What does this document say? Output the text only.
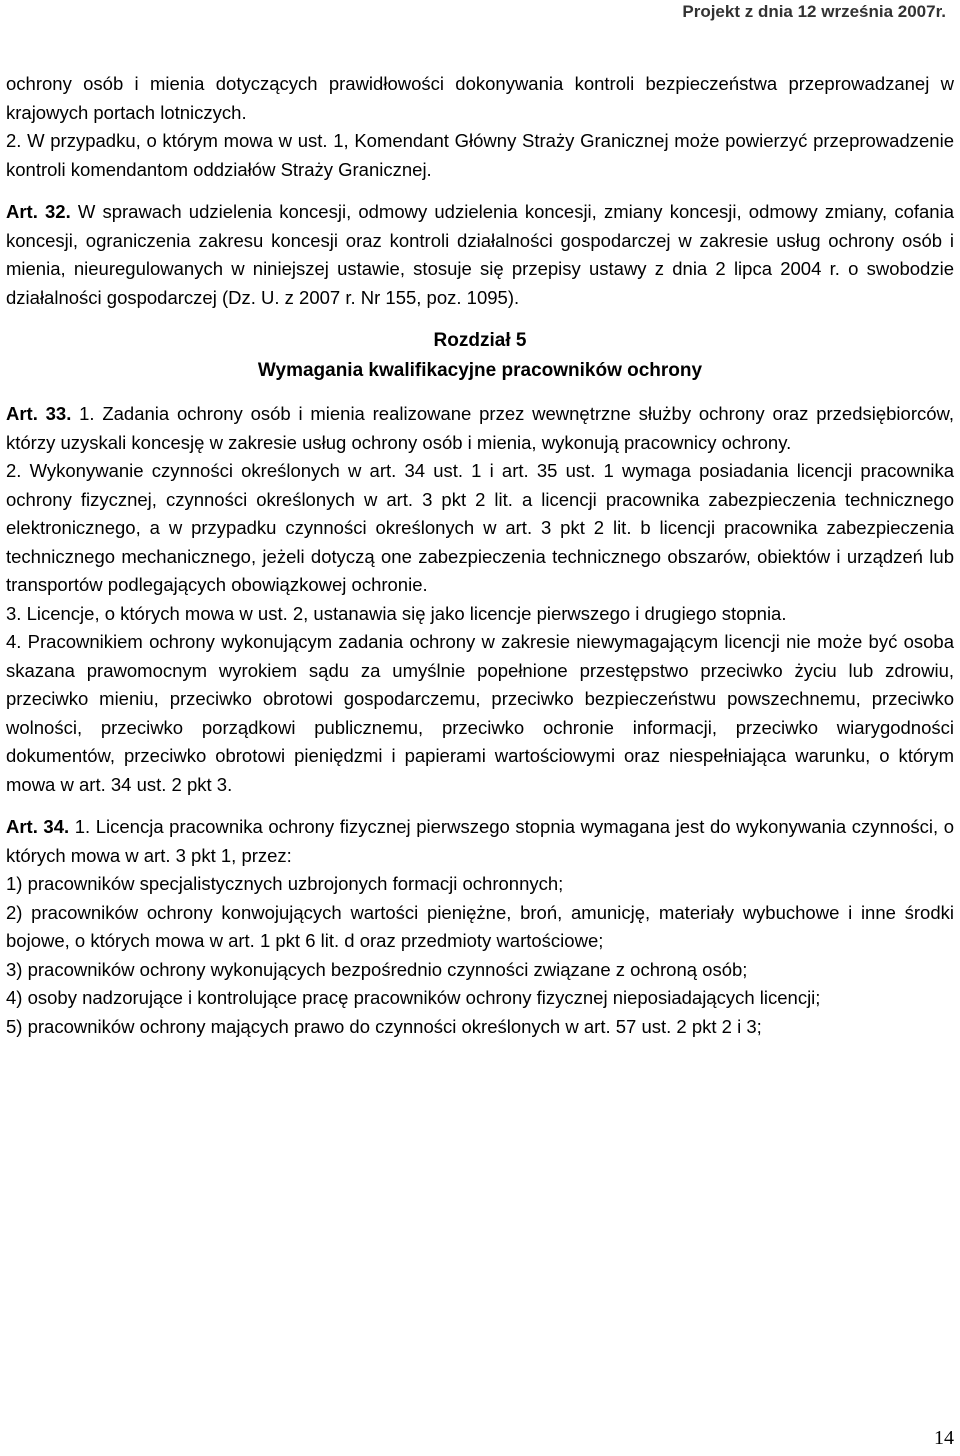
Projekt z dnia 12 września 2007r.

ochrony osób i mienia dotyczących prawidłowości dokonywania kontroli bezpieczeństwa przeprowadzanej w krajowych portach lotniczych.

2. W przypadku, o którym mowa w ust. 1, Komendant Główny Straży Granicznej może powierzyć przeprowadzenie kontroli komendantom oddziałów Straży Granicznej.

Art. 32. W sprawach udzielenia koncesji, odmowy udzielenia koncesji, zmiany koncesji, odmowy zmiany, cofania koncesji, ograniczenia zakresu koncesji oraz kontroli działalności gospodarczej w zakresie usług ochrony osób i mienia, nieuregulowanych w niniejszej ustawie, stosuje się przepisy ustawy z dnia 2 lipca 2004 r. o swobodzie działalności gospodarczej (Dz. U. z 2007 r. Nr 155, poz. 1095).

Rozdział 5

Wymagania kwalifikacyjne pracowników ochrony

Art. 33. 1. Zadania ochrony osób i mienia realizowane przez wewnętrzne służby ochrony oraz przedsiębiorców, którzy uzyskali koncesję w zakresie usług ochrony osób i mienia, wykonują pracownicy ochrony.

2. Wykonywanie czynności określonych w art. 34 ust. 1 i art. 35 ust. 1 wymaga posiadania licencji pracownika ochrony fizycznej, czynności określonych w art. 3 pkt 2 lit. a licencji pracownika zabezpieczenia technicznego elektronicznego, a w przypadku czynności określonych w art. 3 pkt 2 lit. b licencji pracownika zabezpieczenia technicznego mechanicznego, jeżeli dotyczą one zabezpieczenia technicznego obszarów, obiektów i urządzeń lub transportów podlegających obowiązkowej ochronie.

3. Licencje, o których mowa w ust. 2, ustanawia się jako licencje pierwszego i drugiego stopnia.

4. Pracownikiem ochrony wykonującym zadania ochrony w zakresie niewymagającym licencji nie może być osoba skazana prawomocnym wyrokiem sądu za umyślnie popełnione przestępstwo przeciwko życiu lub zdrowiu, przeciwko mieniu, przeciwko obrotowi gospodarczemu, przeciwko bezpieczeństwu powszechnemu, przeciwko wolności, przeciwko porządkowi publicznemu, przeciwko ochronie informacji, przeciwko wiarygodności dokumentów, przeciwko obrotowi pieniędzmi i papierami wartościowymi oraz niespełniająca warunku, o którym mowa w art. 34 ust. 2 pkt 3.

Art. 34. 1. Licencja pracownika ochrony fizycznej pierwszego stopnia wymagana jest do wykonywania czynności, o których mowa w art. 3 pkt 1, przez:

1) pracowników specjalistycznych uzbrojonych formacji ochronnych;

2) pracowników ochrony konwojujących wartości pieniężne, broń, amunicję, materiały wybuchowe i inne środki bojowe, o których mowa w art. 1 pkt 6 lit. d oraz przedmioty wartościowe;

3) pracowników ochrony wykonujących bezpośrednio czynności związane z ochroną osób;

4) osoby nadzorujące i kontrolujące pracę pracowników ochrony fizycznej nieposiadających licencji;

5) pracowników ochrony mających prawo do czynności określonych w art. 57 ust. 2 pkt 2 i 3;

14
